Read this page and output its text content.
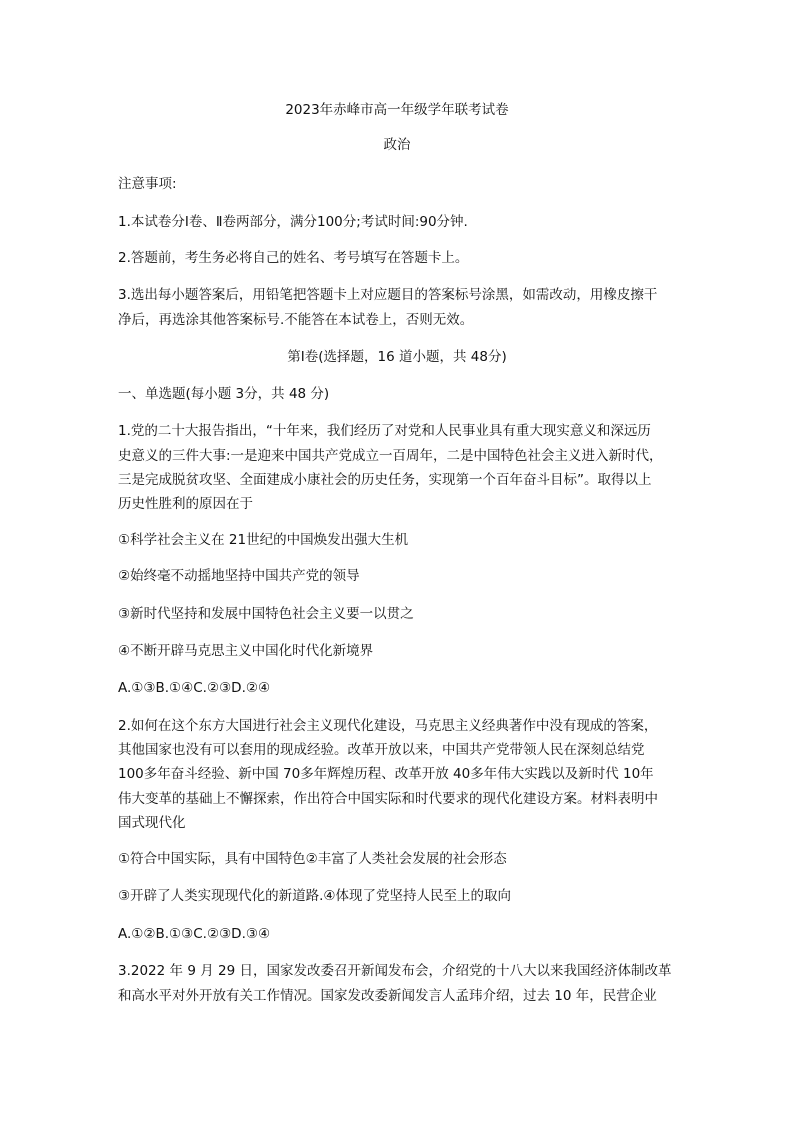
2023年赤峰市高一年级学年联考试卷
政治
注意事项:
1.本试卷分Ⅰ卷、Ⅱ卷两部分，满分100分;考试时间:90分钟.
2.答题前，考生务必将自己的姓名、考号填写在答题卡上。
3.选出每小题答案后，用铅笔把答题卡上对应题目的答案标号涂黑，如需改动，用橡皮擦干
净后，再选涂其他答案标号.不能答在本试卷上，否则无效。
第Ⅰ卷(选择题，16 道小题，共 48分)
一、单选题(每小题 3分，共 48 分)
1.党的二十大报告指出，“十年来，我们经历了对党和人民事业具有重大现实意义和深远历
史意义的三件大事:一是迎来中国共产党成立一百周年，二是中国特色社会主义进入新时代，
三是完成脱贫攻坚、全面建成小康社会的历史任务，实现第一个百年奋斗目标”。取得以上
历史性胜利的原因在于
①科学社会主义在 21世纪的中国焕发出强大生机
②始终毫不动摇地坚持中国共产党的领导
③新时代坚持和发展中国特色社会主义要一以贯之
④不断开辟马克思主义中国化时代化新境界
A.①③B.①④C.②③D.②④
2.如何在这个东方大国进行社会主义现代化建设，马克思主义经典著作中没有现成的答案，
其他国家也没有可以套用的现成经验。改革开放以来，中国共产党带领人民在深刻总结党
100多年奋斗经验、新中国 70多年辉煌历程、改革开放 40多年伟大实践以及新时代 10年
伟大变革的基础上不懈探索，作出符合中国实际和时代要求的现代化建设方案。材料表明中
国式现代化
①符合中国实际，具有中国特色②丰富了人类社会发展的社会形态
③开辟了人类实现现代化的新道路.④体现了党坚持人民至上的取向
A.①②B.①③C.②③D.③④
3.2022 年 9 月 29 日，国家发改委召开新闻发布会，介绍党的十八大以来我国经济体制改革
和高水平对外开放有关工作情况。国家发改委新闻发言人孟玮介绍，过去 10 年，民营企业
